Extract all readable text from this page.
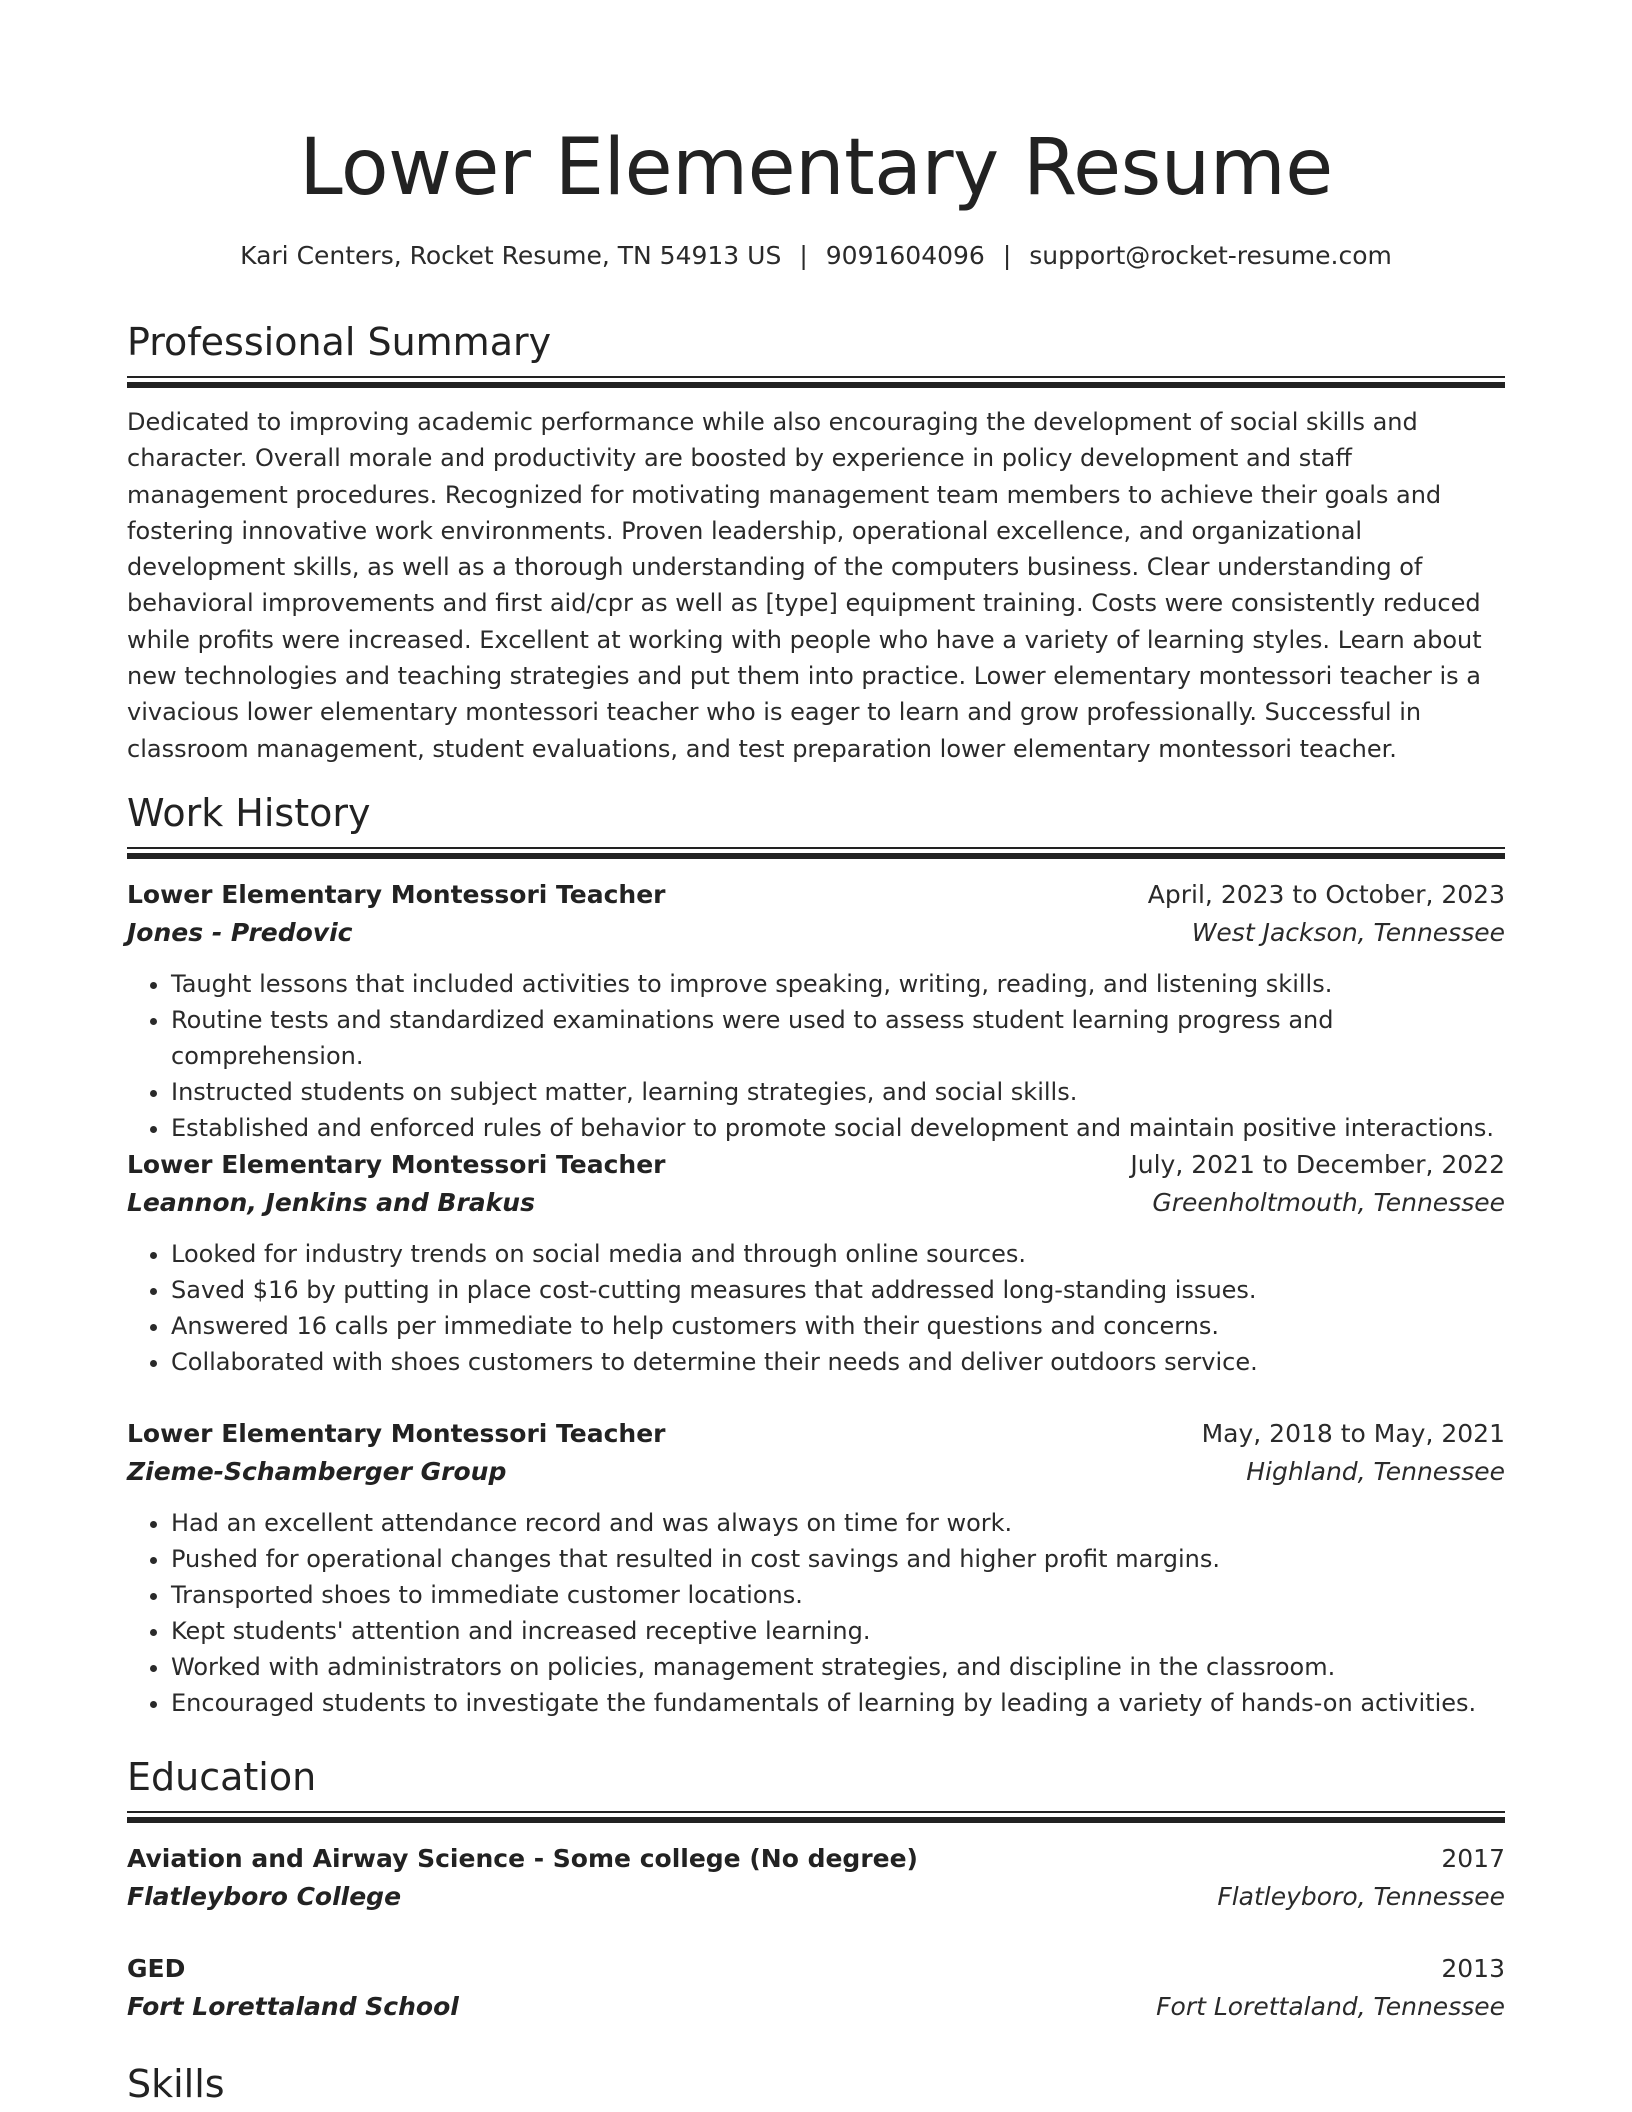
Lower Elementary Resume
Kari Centers, Rocket Resume, TN 54913 US | 9091604096 | support@rocket-resume.com
Professional Summary

Dedicated to improving academic performance while also encouraging the development of social skills and character. Overall morale and productivity are boosted by experience in policy development and staff management procedures. Recognized for motivating management team members to achieve their goals and fostering innovative work environments. Proven leadership, operational excellence, and organizational development skills, as well as a thorough understanding of the computers business. Clear understanding of behavioral improvements and first aid/cpr as well as [type] equipment training. Costs were consistently reduced while profits were increased. Excellent at working with people who have a variety of learning styles. Learn about new technologies and teaching strategies and put them into practice. Lower elementary montessori teacher is a vivacious lower elementary montessori teacher who is eager to learn and grow professionally. Successful in classroom management, student evaluations, and test preparation lower elementary montessori teacher.

Work History
Lower Elementary Montessori Teacher	April, 2023 to October, 2023
Jones - Predovic	West Jackson, Tennessee
• Taught lessons that included activities to improve speaking, writing, reading, and listening skills.
• Routine tests and standardized examinations were used to assess student learning progress and comprehension.
• Instructed students on subject matter, learning strategies, and social skills.
• Established and enforced rules of behavior to promote social development and maintain positive interactions.
Lower Elementary Montessori Teacher	July, 2021 to December, 2022
Leannon, Jenkins and Brakus	Greenholtmouth, Tennessee
• Looked for industry trends on social media and through online sources.
• Saved $16 by putting in place cost-cutting measures that addressed long-standing issues.
• Answered 16 calls per immediate to help customers with their questions and concerns.
• Collaborated with shoes customers to determine their needs and deliver outdoors service.
Lower Elementary Montessori Teacher	May, 2018 to May, 2021
Zieme-Schamberger Group	Highland, Tennessee
• Had an excellent attendance record and was always on time for work.
• Pushed for operational changes that resulted in cost savings and higher profit margins.
• Transported shoes to immediate customer locations.
• Kept students' attention and increased receptive learning.
• Worked with administrators on policies, management strategies, and discipline in the classroom.
• Encouraged students to investigate the fundamentals of learning by leading a variety of hands-on activities.
Education
Aviation and Airway Science - Some college (No degree)	2017
Flatleyboro College	Flatleyboro, Tennessee
GED	2013
Fort Lorettaland School	Fort Lorettaland, Tennessee
Skills
